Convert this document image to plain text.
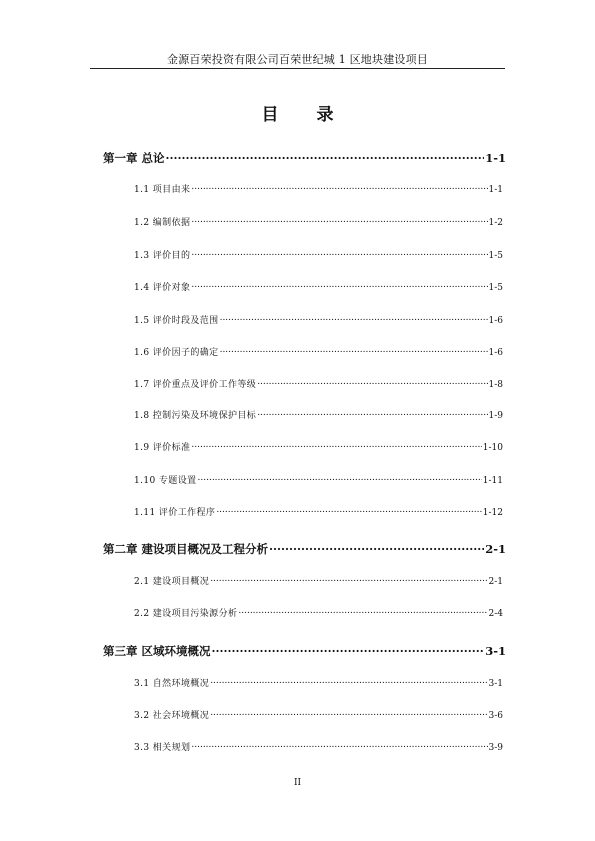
金源百荣投资有限公司百荣世纪城 1 区地块建设项目
目 录
第一章 总论 .....	1-1
1.1 项目由来 .....	1-1
1.2 编制依据 .....	1-2
1.3 评价目的 .....	1-5
1.4 评价对象 .....	1-5
1.5 评价时段及范围 .....	1-6
1.6 评价因子的确定 .....	1-6
1.7 评价重点及评价工作等级 .....	1-8
1.8 控制污染及环境保护目标 .....	1-9
1.9 评价标准 .....	1-10
1.10 专题设置 .....	1-11
1.11 评价工作程序 .....	1-12
第二章 建设项目概况及工程分析 .....	2-1
2.1 建设项目概况 .....	2-1
2.2 建设项目污染源分析 .....	2-4
第三章 区域环境概况 .....	3-1
3.1 自然环境概况 .....	3-1
3.2 社会环境概况 .....	3-6
3.3 相关规划 .....	3-9
II
